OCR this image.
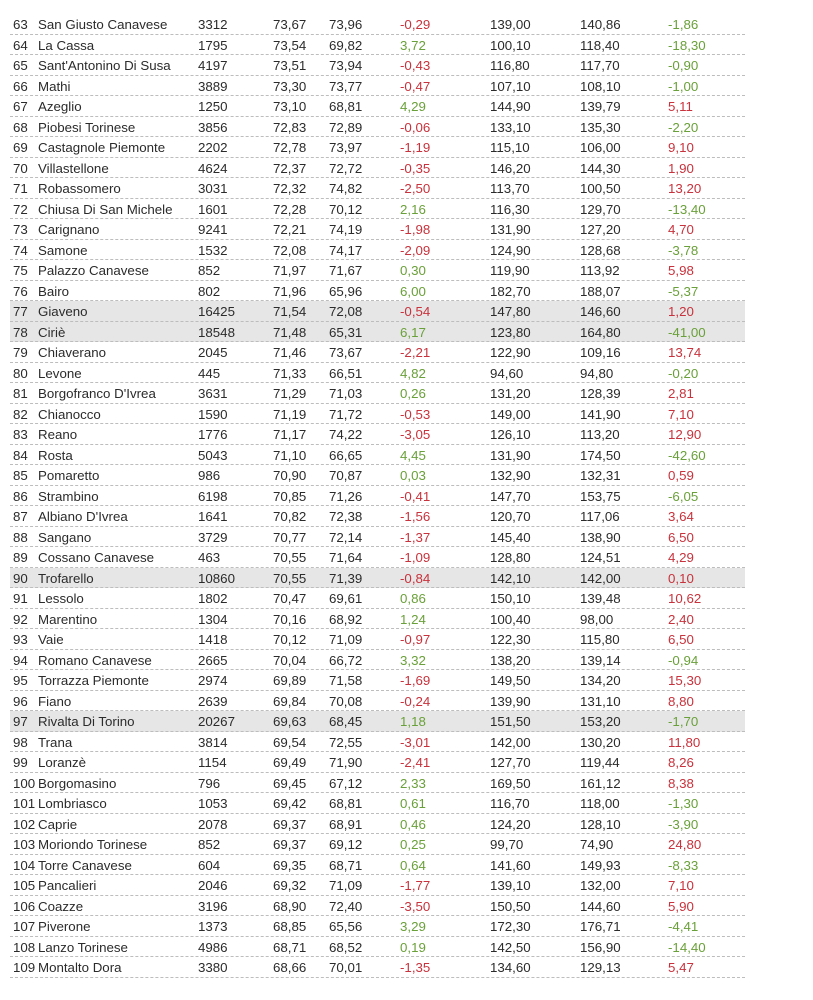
63 San Giusto Canavese 3312	73,67 73,96	-0,29	139,00	140,86	-1,86
64 La Cassa	1795	73,54 69,82	3,72	100,10	118,40	-18,30
65 Sant'Antonino Di Susa 4197	73,51 73,94	-0,43	116,80	117,70	-0,90
66 Mathi	3889	73,30 73,77	-0,47	107,10	108,10	-1,00
67 Azeglio	1250	73,10 68,81	4,29	144,90	139,79	5,11
68 Piobesi Torinese	3856	72,83 72,89	-0,06	133,10	135,30	-2,20
69 Castagnole Piemonte 2202	72,78 73,97	-1,19	115,10	106,00	9,10
70 Villastellone	4624	72,37 72,72	-0,35	146,20	144,30	1,90
71 Robassomero	3031	72,32 74,82	-2,50	113,70	100,50	13,20
72 Chiusa Di San Michele 1601	72,28 70,12	2,16	116,30	129,70	-13,40
73 Carignano	9241	72,21 74,19	-1,98	131,90	127,20	4,70
74 Samone	1532	72,08 74,17	-2,09	124,90	128,68	-3,78
75 Palazzo Canavese	852	71,97 71,67	0,30	119,90	113,92	5,98
76 Bairo	802	71,96 65,96	6,00	182,70	188,07	-5,37
77 Giaveno	16425	71,54 72,08	-0,54	147,80	146,60	1,20
78 Ciriè	18548	71,48 65,31	6,17	123,80	164,80	-41,00
79 Chiaverano	2045	71,46 73,67	-2,21	122,90	109,16	13,74
80 Levone	445	71,33 66,51	4,82	94,60	94,80	-0,20
81 Borgofranco D'Ivrea	3631	71,29 71,03	0,26	131,20	128,39	2,81
82 Chianocco	1590	71,19 71,72	-0,53	149,00	141,90	7,10
83 Reano	1776	71,17 74,22	-3,05	126,10	113,20	12,90
84 Rosta	5043	71,10 66,65	4,45	131,90	174,50	-42,60
85 Pomaretto	986	70,90 70,87	0,03	132,90	132,31	0,59
86 Strambino	6198	70,85 71,26	-0,41	147,70	153,75	-6,05
87 Albiano D'Ivrea	1641	70,82 72,38	-1,56	120,70	117,06	3,64
88 Sangano	3729	70,77 72,14	-1,37	145,40	138,90	6,50
89 Cossano Canavese	463	70,55 71,64	-1,09	128,80	124,51	4,29
90 Trofarello	10860	70,55 71,39	-0,84	142,10	142,00	0,10
91 Lessolo	1802	70,47 69,61	0,86	150,10	139,48	10,62
92 Marentino	1304	70,16 68,92	1,24	100,40	98,00	2,40
93 Vaie	1418	70,12 71,09	-0,97	122,30	115,80	6,50
94 Romano Canavese	2665	70,04 66,72	3,32	138,20	139,14	-0,94
95 Torrazza Piemonte	2974	69,89 71,58	-1,69	149,50	134,20	15,30
96 Fiano	2639	69,84 70,08	-0,24	139,90	131,10	8,80
97 Rivalta Di Torino	20267	69,63 68,45	1,18	151,50	153,20	-1,70
98 Trana	3814	69,54 72,55	-3,01	142,00	130,20	11,80
99 Loranzè	1154	69,49 71,90	-2,41	127,70	119,44	8,26
100 Borgomasino	796	69,45 67,12	2,33	169,50	161,12	8,38
101 Lombriasco	1053	69,42 68,81	0,61	116,70	118,00	-1,30
102 Caprie	2078	69,37 68,91	0,46	124,20	128,10	-3,90
103 Moriondo Torinese	852	69,37 69,12	0,25	99,70	74,90	24,80
104 Torre Canavese	604	69,35 68,71	0,64	141,60	149,93	-8,33
105 Pancalieri	2046	69,32 71,09	-1,77	139,10	132,00	7,10
106 Coazze	3196	68,90 72,40	-3,50	150,50	144,60	5,90
107 Piverone	1373	68,85 65,56	3,29	172,30	176,71	-4,41
108 Lanzo Torinese	4986	68,71 68,52	0,19	142,50	156,90	-14,40
109 Montalto Dora	3380	68,66 70,01	-1,35	134,60	129,13	5,47
